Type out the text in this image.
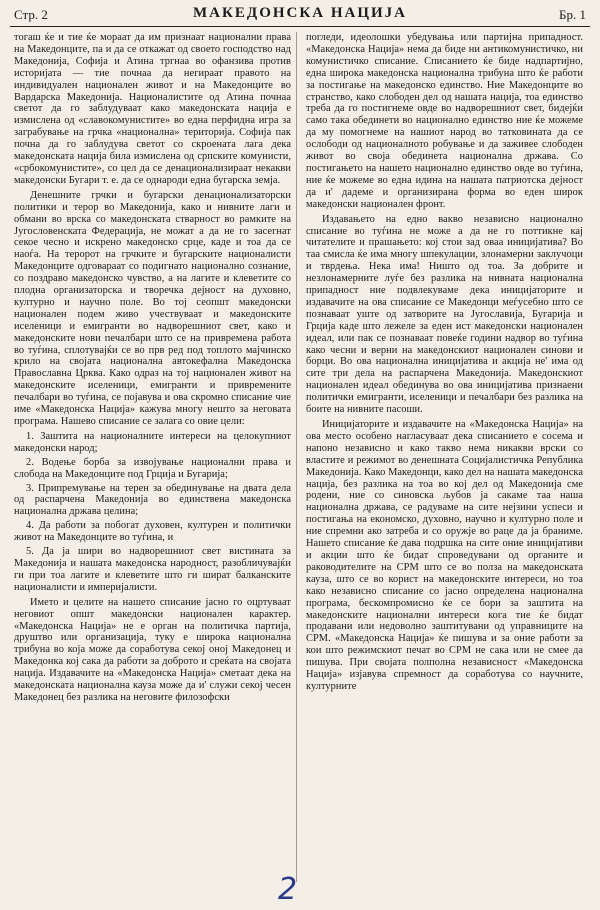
Стр. 2	МАКЕДОНСКА НАЦИЈА	Бр. 1

тогаш ќе и тие ќе мораат да им признаат национални права на Македонците, па и да се откажат од своето господство над Македонија, Софија и Атина тргнаа во офанзива против историјата — тие почнаа да негираат правото на индивидуален национален живот и на Македонците во Вардарска Македонија. Националистите од Атина почнаа светот да го заблудуваат како македонската нација е измислена од «славокомунистите» во една перфидна игра за заграбување на грчка «национална» територија. Софија пак почна да го заблудува светот со скроената лага дека македонската нација била измислена од српските комунисти, «србокомунистите», со цел да се денационализираат некакви македонски Бугари т. е. да се однароди една бугарска земја.

Денешните грчки и бугарски денационализаторски политики и терор во Македонија, како и нивните лаги и обмани во врска со македонската стварност во рамките на Југословенската Федерација, не можат а да не го засегнат секое чесно и искрено македонско срце, каде и тоа да се наоѓа. На теророт на грчките и бугарските националисти Македонците одговараат со подигнато национално сознание, со поздраво македонско чувство, а на лагите и клеветите со плодна организаторска и творечка дејност на духовно, културно и научно поле. Во тој сеопшт македонски национален подем живо учествуваат и македонските иселеници и емигранти во надворешниот свет, како и македонските нови печалбари што се на привремена работа во туѓина, сплотувајќи се во прв ред под топлото мајчинско крило на својата национална автокефална Македонска Православна Црква. Како одраз на тој национален живот на македонските иселеници, емигранти и привремените печалбари во туѓина, се појавува и ова скромно списание чие име «Македонска Нација» кажува многу нешто за неговата програма. Нашево списание се залага со овие цели:

1. Заштита на националните интереси на целокупниот македонски народ;
2. Водење борба за извојување национални права и слобода на Македонците под Грција и Бугарија;
3. Припремување на терен за обединување на двата дела од распарчена Македонија во единствена македонска национална држава целина;
4. Да работи за побогат духовен, културен и политички живот на Македонците во туѓина, и
5. Да ја шири во надворешниот свет вистината за Македонија и нашата македонска народност, разобличувајќи ги при тоа лагите и клеветите што ги шират балканските националисти и империјалисти.

Името и целите на нашето списание јасно го оцртуваат неговиот општ македонски национален карактер. «Македонска Нација» не е орган на политичка партија, друштво или организација, туку е широка национална трибуна во која може да соработува секој оној Македонец и Македонка кој сака да работи за доброто и среќата на својата нација. Издавачите на «Македонска Нација» сметаат дека на македонската национална кауза може да и' служи секој чесен Македонец без разлика на неговите филозофски

погледи, идеолошки убедувања или партијна припадност. «Македонска Нација» нема да биде ни антикомунистичко, ни комунистичко списание. Списанието ќе биде надпартијно, една широка македонска национална трибуна што ќе работи за постигање на македонско единство. Ние Македонците во странство, како слободен дел од нашата нација, тоа единство треба да го постигнеме овде во надворешниот свет, бидејќи само така обединети во национално единство ние ќе можеме да му помогнеме на нашиот народ во татковината да се ослободи од националното робување и да заживее слободен живот во своја обединета национална држава. Со постигањето на нашето национално единство овде во туѓина, ние ќе можеме во една идина на нашата патриотска дејност да и' дадеме и организирана форма во еден широк македонски национален фронт.

Издавањето на едно вакво независно национално списание во туѓина не може а да не го поттикне кај читателите и прашањето: кој стои зад оваа иницијатива? Во таа смисла ќе има многу шпекулации, злонамерни заклучоци и тврдења. Нека има! Ништо од тоа. За добрите и незлонамерните луѓе без разлика на нивната национална припадност ние подвлекуваме дека иницијаторите и издавачите на ова списание се Македонци меѓусебно што се познаваат уште од затворите на Југославија, Бугарија и Грција каде што лежеле за еден ист македонски национален идеал, или пак се познаваат повеќе години надвор во туѓина како чесни и верни на македонскиот национален синови и борци. Во ова национална иницијатива и акција не' има од сите три дела на распарчена Македонија. Македонскиот национален идеал обединува во ова иницијатива признаени политички емигранти, иселеници и печалбари без разлика на боите на нивните пасоши.

Иницијаторите и издавачите на «Македонска Нација» на ова место особено нагласуваат дека списанието е сосема и напоно независно и како такво нема никакви врски со властите и режимот во денешната Социјалистичка Република Македонија. Како Македонци, како дел на нашата македонска нација, без разлика на тоа во кој дел од Македонија сме родени, ние со синовска љубов ја сакаме таа наша национална држава, се радуваме на сите нејзини успеси и постигања на економско, духовно, научно и културно поле и ние спремни ако затреба и со оружје во раце да ја браниме. Нашето списание ќе дава подршка на сите оние иницијативи и акции што ќе бидат спроведувани од органите и раководителите на СРМ што се во полза на македонската кауза, што се во корист на македонските интереси, но тоа како независно списание со јасно определена национална програма, бескомпромисно ќе се бори за заштита на македонските национални интереси кога тие ќе бидат продавани или недоволно заштитувани од управниците на СРМ. «Македонска Нација» ќе пишува и за оние работи за кои што режимскиот печат во СРМ не сака или не смее да пишува. При својата полполна независност «Македонска Нација» изјавува спремност да соработува со научните, културните

2
